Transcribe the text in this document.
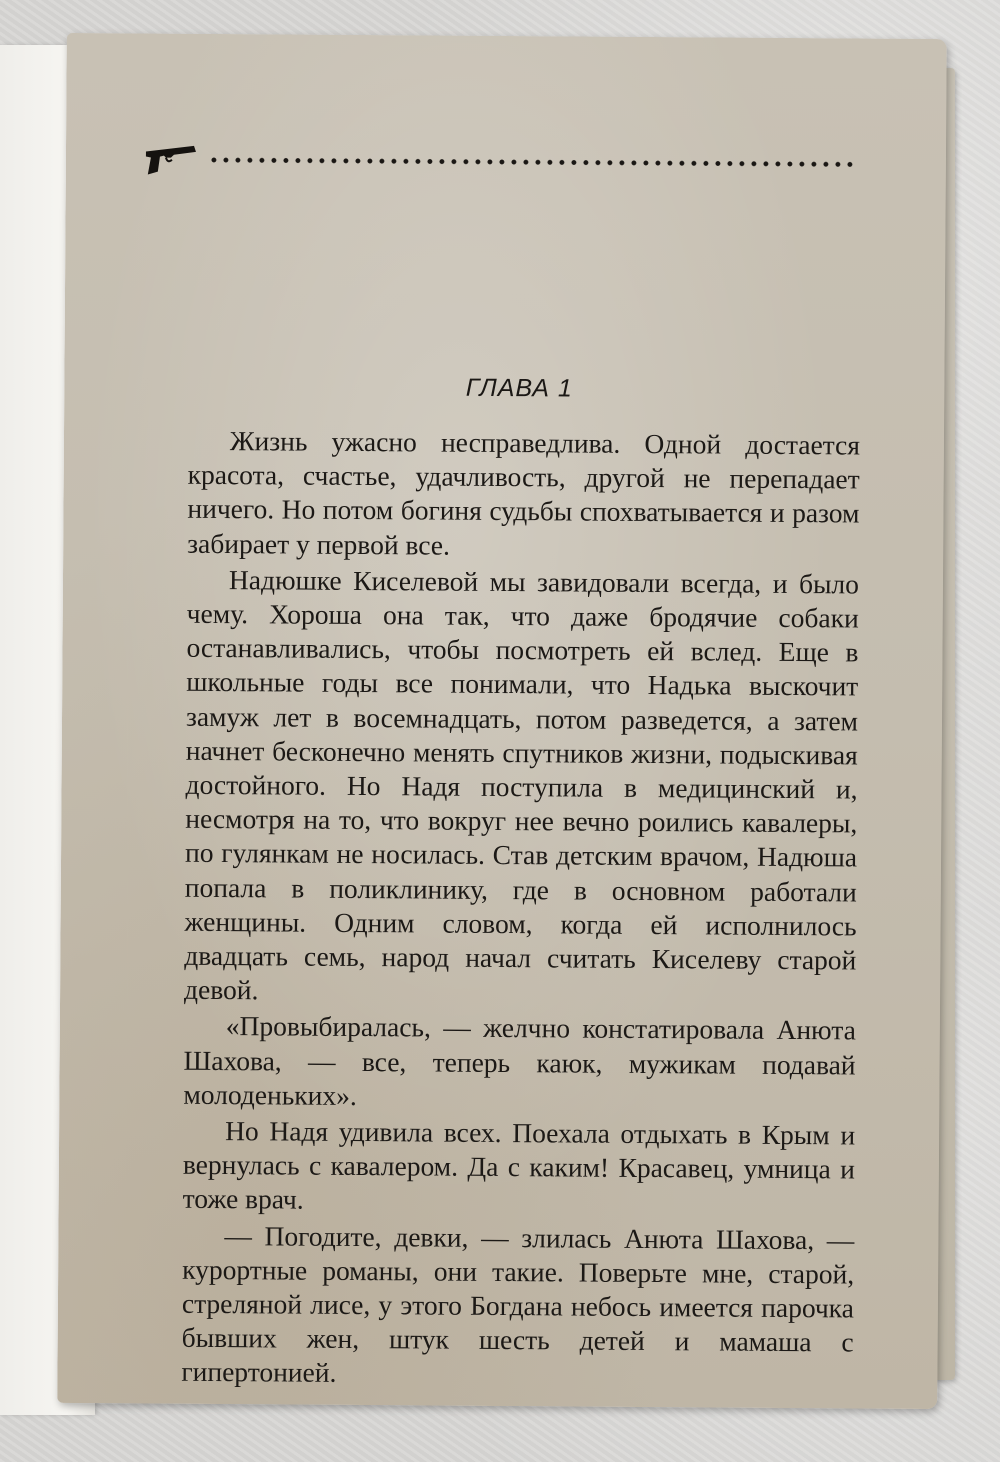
ГЛАВА 1

Жизнь ужасно несправедлива. Одной достается красота, счастье, удачливость, другой не перепадает ничего. Но потом богиня судьбы спохватывается и разом забирает у первой все.

Надюшке Киселевой мы завидовали всегда, и было чему. Хороша она так, что даже бродячие собаки останавливались, чтобы посмотреть ей вслед. Еще в школьные годы все понимали, что Надька выскочит замуж лет в восемнадцать, потом разведется, а затем начнет бесконечно менять спутников жизни, подыскивая достойного. Но Надя поступила в медицинский и, несмотря на то, что вокруг нее вечно роились кавалеры, по гулянкам не носилась. Став детским врачом, Надюша попала в поликлинику, где в основном работали женщины. Одним словом, когда ей исполнилось двадцать семь, народ начал считать Киселеву старой девой.

«Провыбиралась, — желчно констатировала Анюта Шахова, — все, теперь каюк, мужикам подавай молоденьких».

Но Надя удивила всех. Поехала отдыхать в Крым и вернулась с кавалером. Да с каким! Красавец, умница и тоже врач.

— Погодите, девки, — злилась Анюта Шахова, — курортные романы, они такие. Поверьте мне, старой, стреляной лисе, у этого Богдана небось имеется парочка бывших жен, штук шесть детей и мамаша с гипертонией.
